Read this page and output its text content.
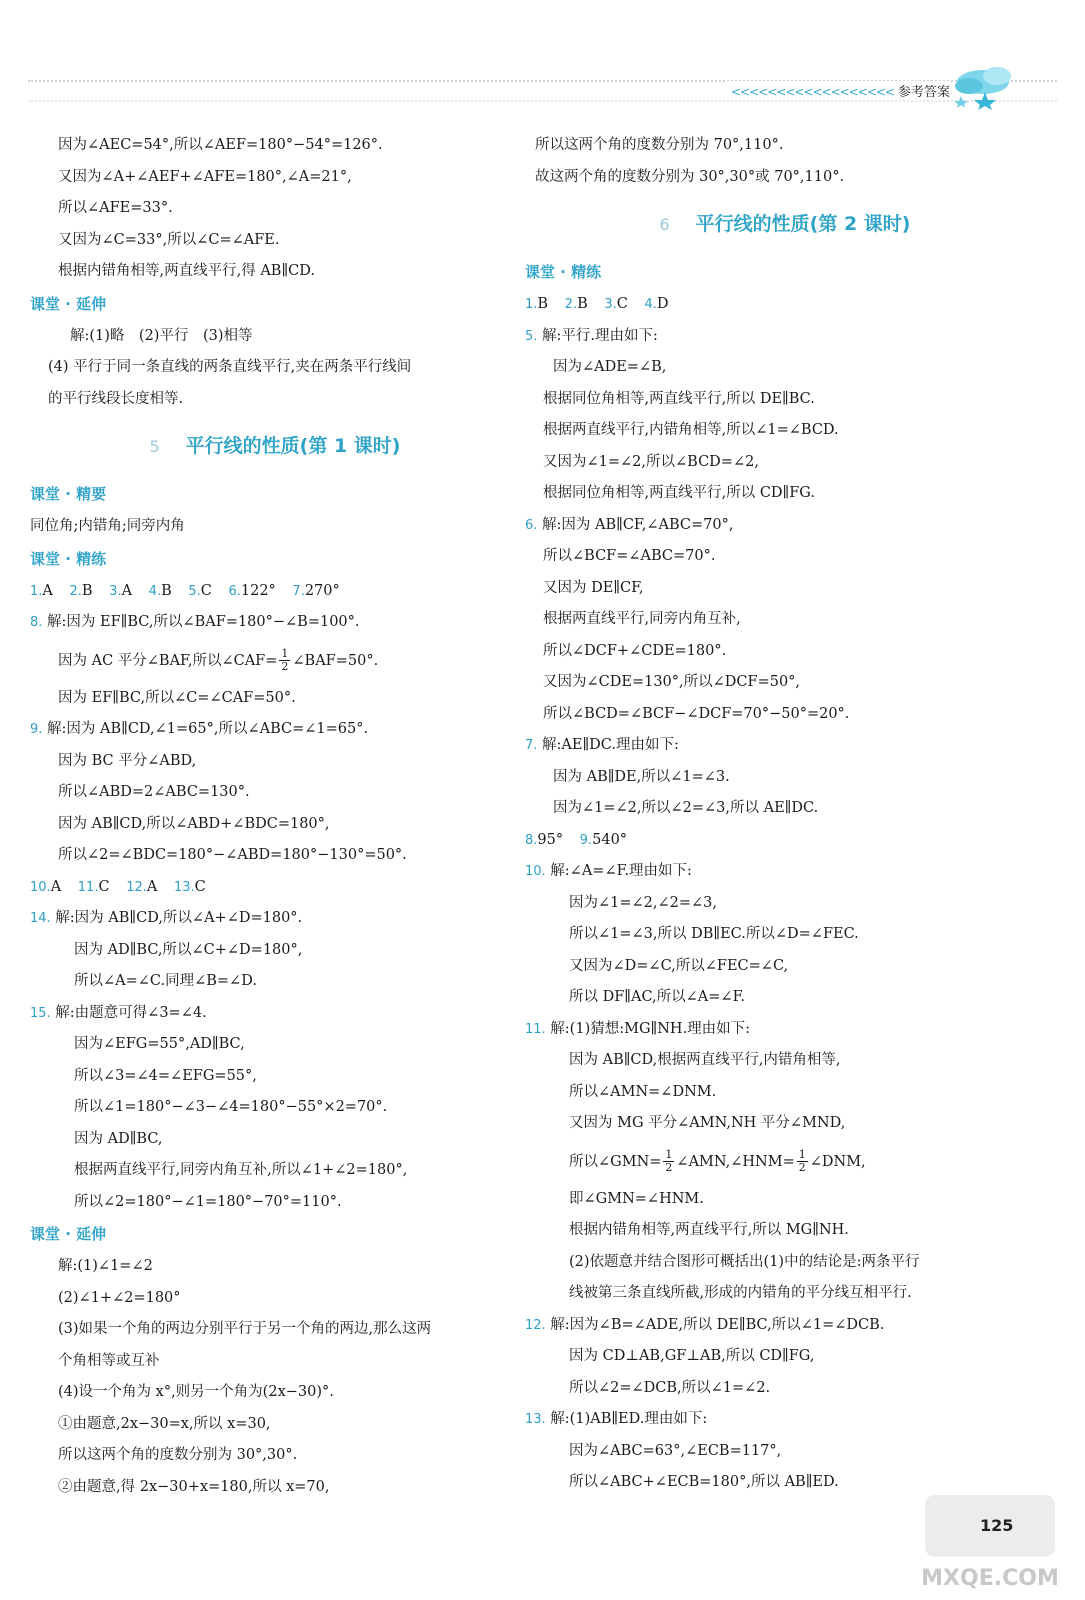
<<<<<<<<<<<<<<<<<< 参考答案
因为∠AEC=54°,所以∠AEF=180°−54°=126°.
又因为∠A+∠AEF+∠AFE=180°,∠A=21°,
所以∠AFE=33°.
又因为∠C=33°,所以∠C=∠AFE.
根据内错角相等,两直线平行,得 AB∥CD.
课堂 · 延伸
解:(1)略　(2)平行　(3)相等
(4) 平行于同一条直线的两条直线平行,夹在两条平行线间
的平行线段长度相等.
5 平行线的性质(第 1 课时)
课堂 · 精要
同位角;内错角;同旁内角
课堂 · 精练
1.A 2.B 3.A 4.B 5.C 6.122° 7.270°
8. 解:因为 EF∥BC,所以∠BAF=180°−∠B=100°.
因为 AC 平分∠BAF,所以∠CAF= $\frac{1}{2}$ ∠BAF=50°.
因为 EF∥BC,所以∠C=∠CAF=50°.
9. 解:因为 AB∥CD,∠1=65°,所以∠ABC=∠1=65°.
因为 BC 平分∠ABD,
所以∠ABD=2∠ABC=130°.
因为 AB∥CD,所以∠ABD+∠BDC=180°,
所以∠2=∠BDC=180°−∠ABD=180°−130°=50°.
10.A 11.C 12.A 13.C
14. 解:因为 AB∥CD,所以∠A+∠D=180°.
因为 AD∥BC,所以∠C+∠D=180°,
所以∠A=∠C.同理∠B=∠D.
15. 解:由题意可得∠3=∠4.
因为∠EFG=55°,AD∥BC,
所以∠3=∠4=∠EFG=55°,
所以∠1=180°−∠3−∠4=180°−55°×2=70°.
因为 AD∥BC,
根据两直线平行,同旁内角互补,所以∠1+∠2=180°,
所以∠2=180°−∠1=180°−70°=110°.
课堂 · 延伸
解:(1)∠1=∠2
(2)∠1+∠2=180°
(3)如果一个角的两边分别平行于另一个角的两边,那么这两
个角相等或互补
(4)设一个角为 x°,则另一个角为(2x−30)°.
①由题意,2x−30=x,所以 x=30,
所以这两个角的度数分别为 30°,30°.
②由题意,得 2x−30+x=180,所以 x=70,
所以这两个角的度数分别为 70°,110°.
故这两个角的度数分别为 30°,30°或 70°,110°.
6 平行线的性质(第 2 课时)
课堂 · 精练
1.B 2.B 3.C 4.D
5. 解:平行.理由如下:
因为∠ADE=∠B,
根据同位角相等,两直线平行,所以 DE∥BC.
根据两直线平行,内错角相等,所以∠1=∠BCD.
又因为∠1=∠2,所以∠BCD=∠2,
根据同位角相等,两直线平行,所以 CD∥FG.
6. 解:因为 AB∥CF,∠ABC=70°,
所以∠BCF=∠ABC=70°.
又因为 DE∥CF,
根据两直线平行,同旁内角互补,
所以∠DCF+∠CDE=180°.
又因为∠CDE=130°,所以∠DCF=50°,
所以∠BCD=∠BCF−∠DCF=70°−50°=20°.
7. 解:AE∥DC.理由如下:
因为 AB∥DE,所以∠1=∠3.
因为∠1=∠2,所以∠2=∠3,所以 AE∥DC.
8.95° 9.540°
10. 解:∠A=∠F.理由如下:
因为∠1=∠2,∠2=∠3,
所以∠1=∠3,所以 DB∥EC.所以∠D=∠FEC.
又因为∠D=∠C,所以∠FEC=∠C,
所以 DF∥AC,所以∠A=∠F.
11. 解:(1)猜想:MG∥NH.理由如下:
因为 AB∥CD,根据两直线平行,内错角相等,
所以∠AMN=∠DNM.
又因为 MG 平分∠AMN,NH 平分∠MND,
所以∠GMN= $\frac{1}{2}$ ∠AMN,∠HNM= $\frac{1}{2}$ ∠DNM,
即∠GMN=∠HNM.
根据内错角相等,两直线平行,所以 MG∥NH.
(2)依题意并结合图形可概括出(1)中的结论是:两条平行
线被第三条直线所截,形成的内错角的平分线互相平行.
12. 解:因为∠B=∠ADE,所以 DE∥BC,所以∠1=∠DCB.
因为 CD⊥AB,GF⊥AB,所以 CD∥FG,
所以∠2=∠DCB,所以∠1=∠2.
13. 解:(1)AB∥ED.理由如下:
因为∠ABC=63°,∠ECB=117°,
所以∠ABC+∠ECB=180°,所以 AB∥ED.
MXQE.COM
125
